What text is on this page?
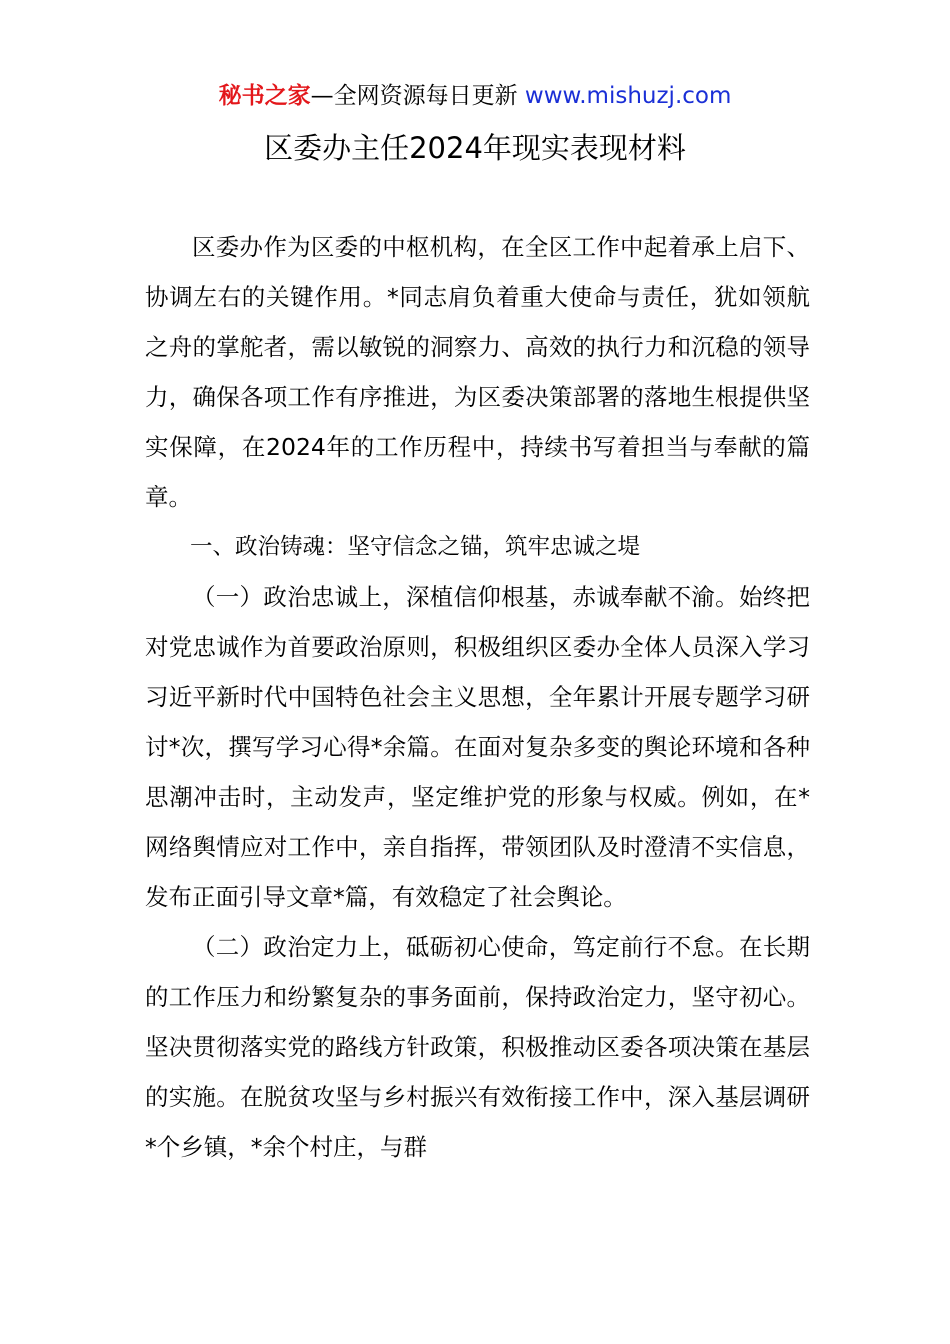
秘书之家—全网资源每日更新 www.mishuzj.com
区委办主任2024年现实表现材料

区委办作为区委的中枢机构，在全区工作中起着承上启下、协调左右的关键作用。*同志肩负着重大使命与责任，犹如领航之舟的掌舵者，需以敏锐的洞察力、高效的执行力和沉稳的领导力，确保各项工作有序推进，为区委决策部署的落地生根提供坚实保障，在2024年的工作历程中，持续书写着担当与奉献的篇章。

一、政治铸魂：坚守信念之锚，筑牢忠诚之堤

（一）政治忠诚上，深植信仰根基，赤诚奉献不渝。始终把对党忠诚作为首要政治原则，积极组织区委办全体人员深入学习习近平新时代中国特色社会主义思想，全年累计开展专题学习研讨*次，撰写学习心得*余篇。在面对复杂多变的舆论环境和各种思潮冲击时，主动发声，坚定维护党的形象与权威。例如，在*网络舆情应对工作中，亲自指挥，带领团队及时澄清不实信息，发布正面引导文章*篇，有效稳定了社会舆论。

（二）政治定力上，砥砺初心使命，笃定前行不怠。在长期的工作压力和纷繁复杂的事务面前，保持政治定力，坚守初心。坚决贯彻落实党的路线方针政策，积极推动区委各项决策在基层的实施。在脱贫攻坚与乡村振兴有效衔接工作中，深入基层调研*个乡镇，*余个村庄，与群
